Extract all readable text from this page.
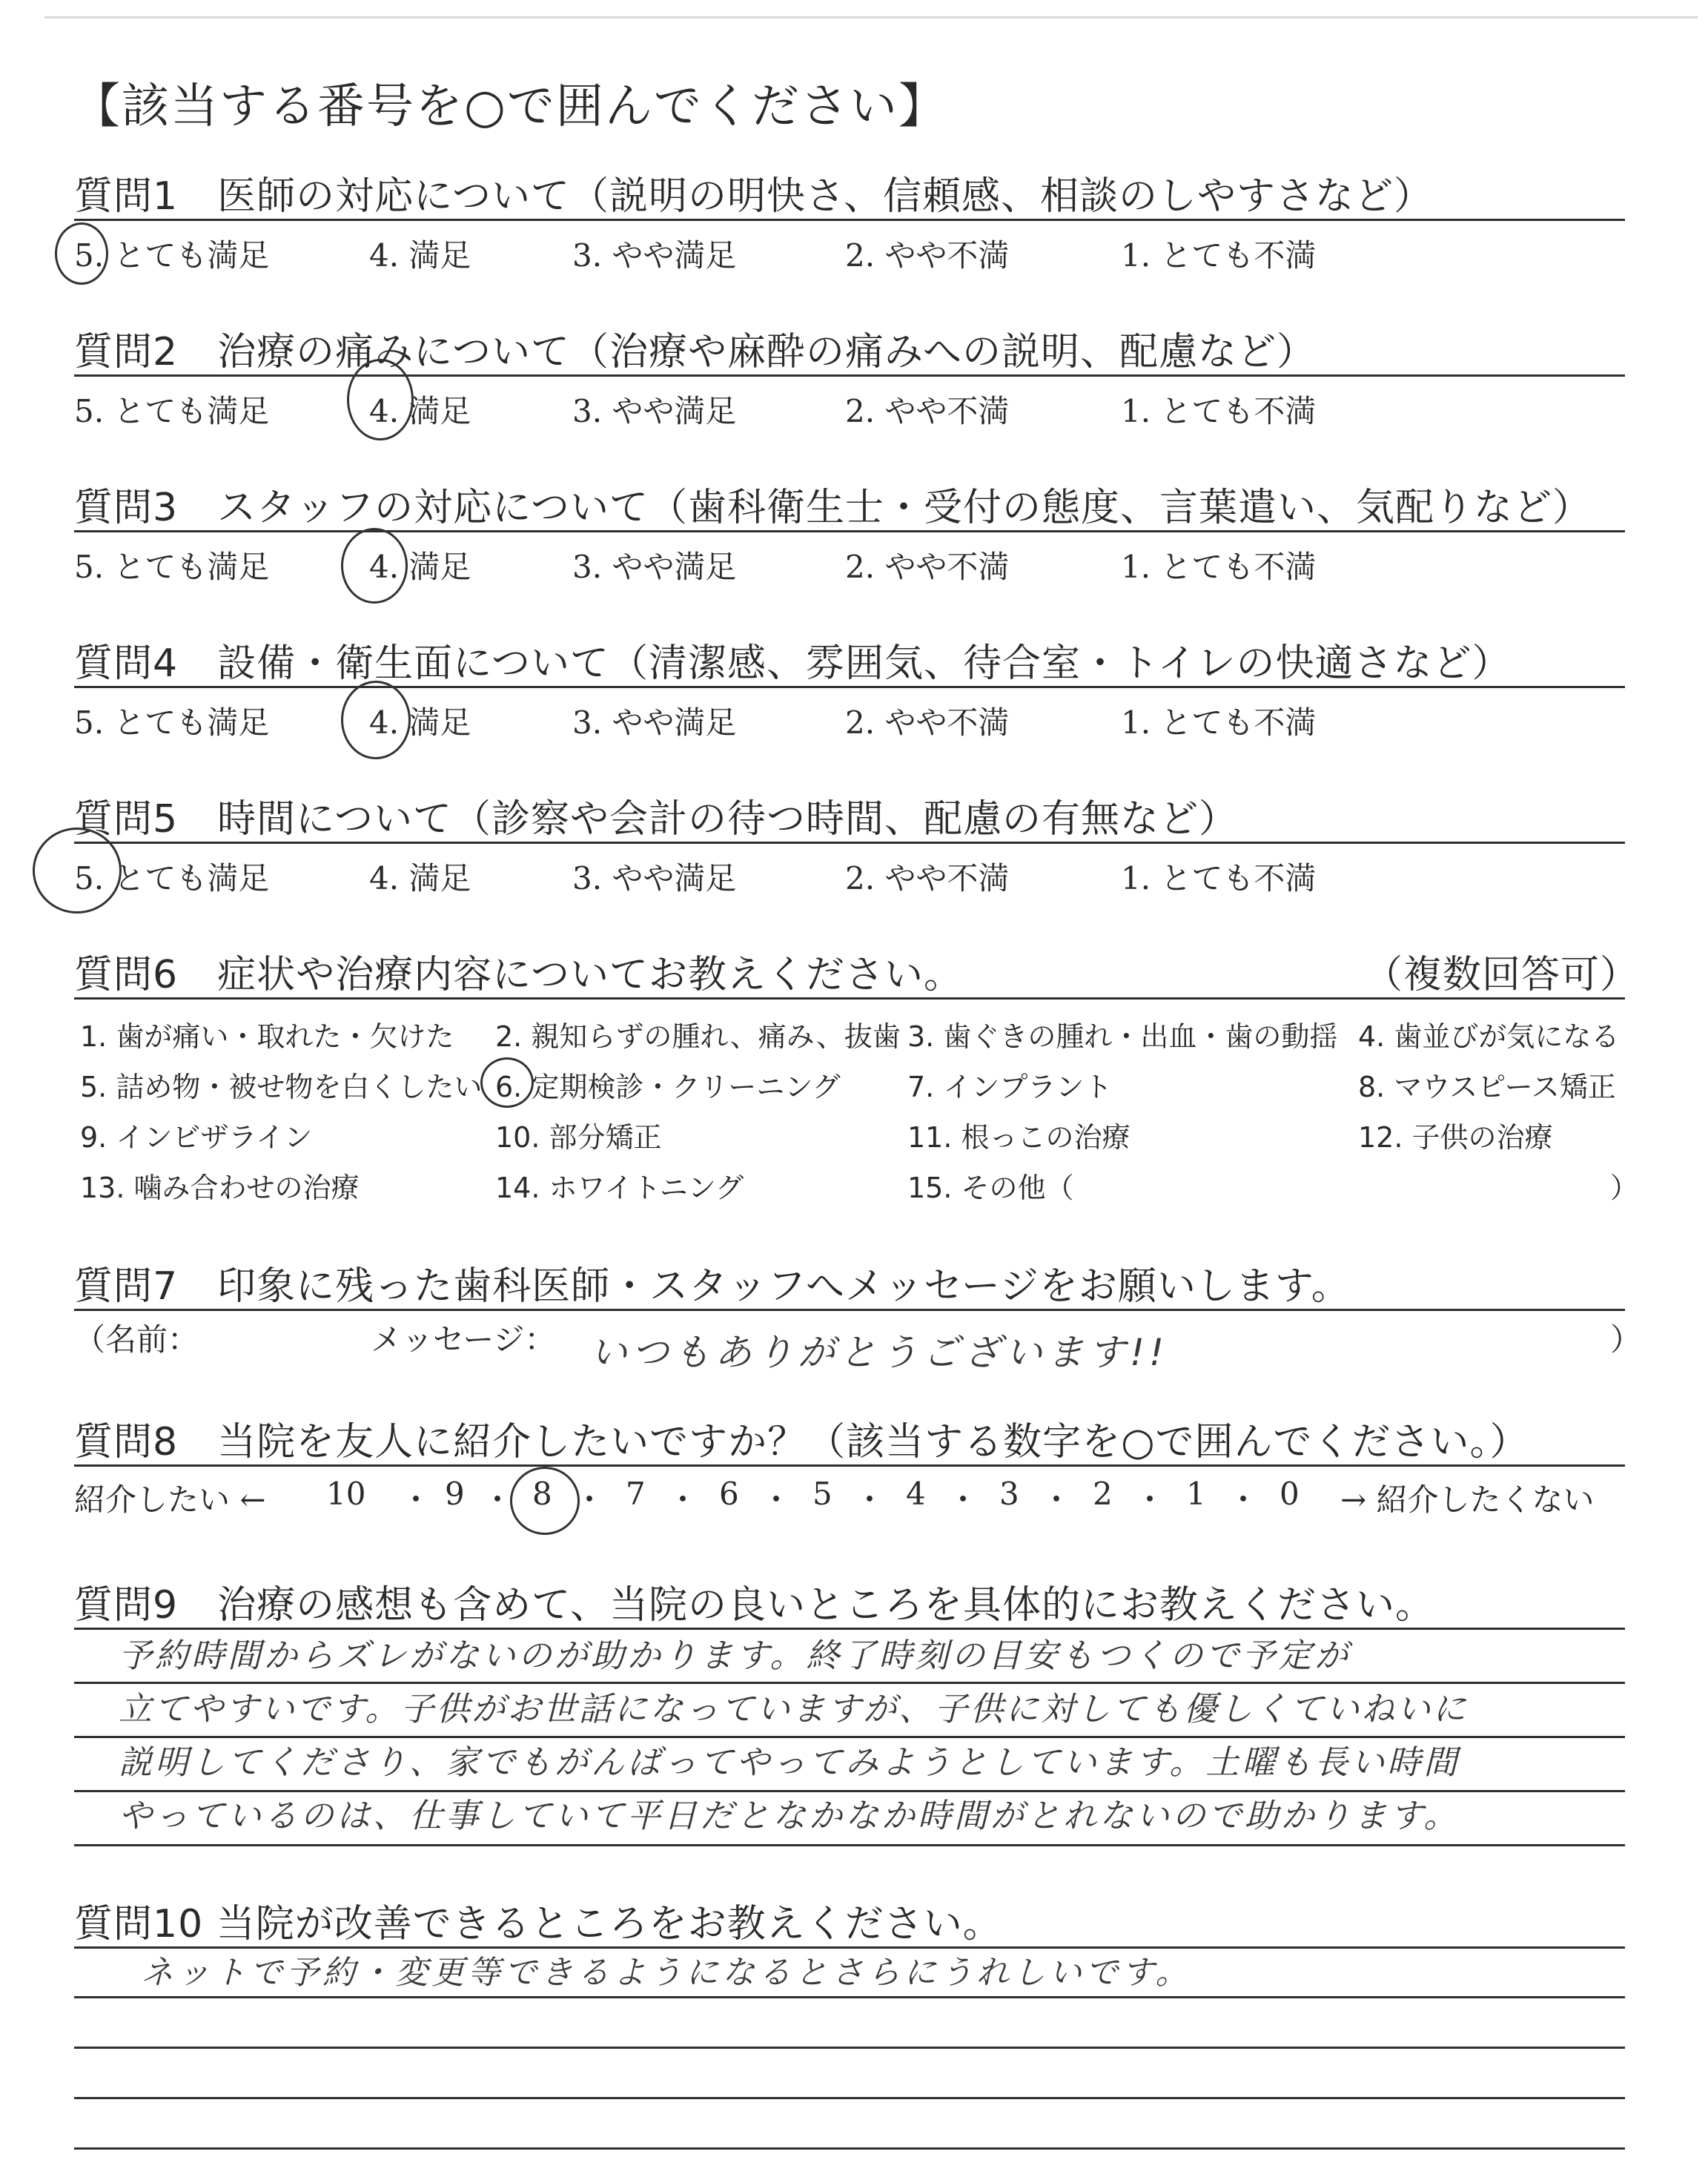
【該当する番号を○で囲んでください】
質問1　医師の対応について（説明の明快さ、信頼感、相談のしやすさなど）
5. とても満足	4. 満足	3. やや満足	2. やや不満	1. とても不満
質問2　治療の痛みについて（治療や麻酔の痛みへの説明、配慮など）
5. とても満足	4. 満足	3. やや満足	2. やや不満	1. とても不満
質問3　スタッフの対応について（歯科衛生士・受付の態度、言葉遣い、気配りなど）
5. とても満足	4. 満足	3. やや満足	2. やや不満	1. とても不満
質問4　設備・衛生面について（清潔感、雰囲気、待合室・トイレの快適さなど）
5. とても満足	4. 満足	3. やや満足	2. やや不満	1. とても不満
質問5　時間について（診察や会計の待つ時間、配慮の有無など）
5. とても満足	4. 満足	3. やや満足	2. やや不満	1. とても不満
質問6　症状や治療内容についてお教えください。	（複数回答可）
1. 歯が痛い・取れた・欠けた 2. 親知らずの腫れ、痛み、抜歯 3. 歯ぐきの腫れ・出血・歯の動揺 4. 歯並びが気になる
5. 詰め物・被せ物を白くしたい 6. 定期検診・クリーニング 7. インプラント	8. マウスピース矯正
9. インビザライン	10. 部分矯正	11. 根っこの治療	12. 子供の治療
13. 噛み合わせの治療	14. ホワイトニング	15. その他（	）
質問7　印象に残った歯科医師・スタッフへメッセージをお願いします。
（名前：	メッセージ： いつもありがとうございます!!	）
質問8　当院を友人に紹介したいですか？（該当する数字を○で囲んでください。）
紹介したい ←	→ 紹介したくない
10 ・ 9 ・ 8 ・ 7 ・ 6 ・ 5 ・ 4 ・ 3 ・ 2 ・ 1 ・ 0
質問9　治療の感想も含めて、当院の良いところを具体的にお教えください。
予約時間からズレがないのが助かります。終了時刻の目安もつくので予定が
立てやすいです。子供がお世話になっていますが、子供に対しても優しくていねいに
説明してくださり、家でもがんばってやってみようとしています。土曜も長い時間
やっているのは、仕事していて平日だとなかなか時間がとれないので助かります。
質問10 当院が改善できるところをお教えください。
ネットで予約・変更等できるようになるとさらにうれしいです。
